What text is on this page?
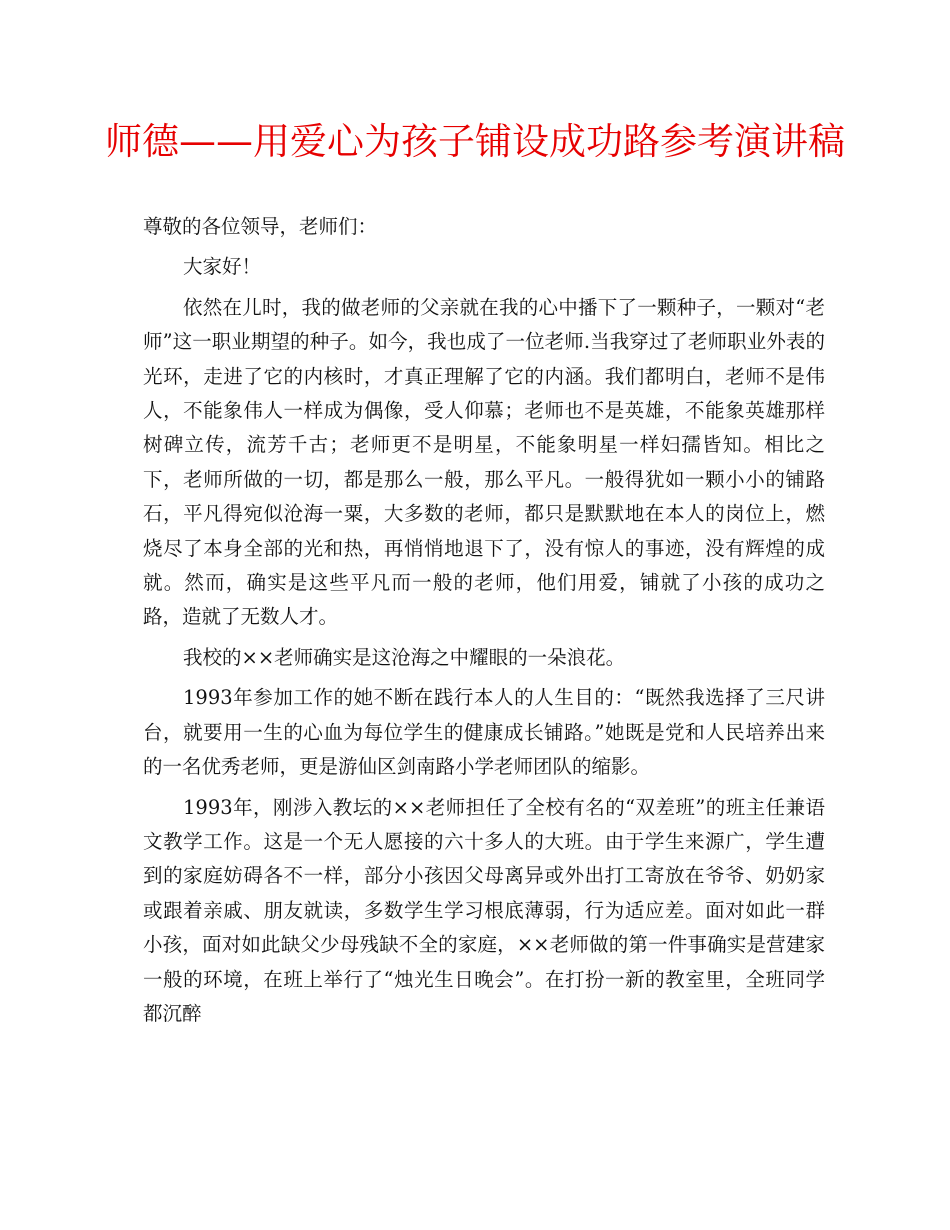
师德——用爱心为孩子铺设成功路参考演讲稿

尊敬的各位领导，老师们：

大家好！

依然在儿时，我的做老师的父亲就在我的心中播下了一颗种子，一颗对“老师”这一职业期望的种子。如今，我也成了一位老师.当我穿过了老师职业外表的光环，走进了它的内核时，才真正理解了它的内涵。我们都明白，老师不是伟人，不能象伟人一样成为偶像，受人仰慕；老师也不是英雄，不能象英雄那样树碑立传，流芳千古；老师更不是明星，不能象明星一样妇孺皆知。相比之下，老师所做的一切，都是那么一般，那么平凡。一般得犹如一颗小小的铺路石，平凡得宛似沧海一粟，大多数的老师，都只是默默地在本人的岗位上，燃烧尽了本身全部的光和热，再悄悄地退下了，没有惊人的事迹，没有辉煌的成就。然而，确实是这些平凡而一般的老师，他们用爱，铺就了小孩的成功之路，造就了无数人才。

我校的××老师确实是这沧海之中耀眼的一朵浪花。

1993年参加工作的她不断在践行本人的人生目的：“既然我选择了三尺讲台，就要用一生的心血为每位学生的健康成长铺路。”她既是党和人民培养出来的一名优秀老师，更是游仙区剑南路小学老师团队的缩影。

1993年，刚涉入教坛的××老师担任了全校有名的“双差班”的班主任兼语文教学工作。这是一个无人愿接的六十多人的大班。由于学生来源广，学生遭到的家庭妨碍各不一样，部分小孩因父母离异或外出打工寄放在爷爷、奶奶家或跟着亲戚、朋友就读，多数学生学习根底薄弱，行为适应差。面对如此一群小孩，面对如此缺父少母残缺不全的家庭，××老师做的第一件事确实是营建家一般的环境，在班上举行了“烛光生日晚会”。在打扮一新的教室里，全班同学都沉醉
